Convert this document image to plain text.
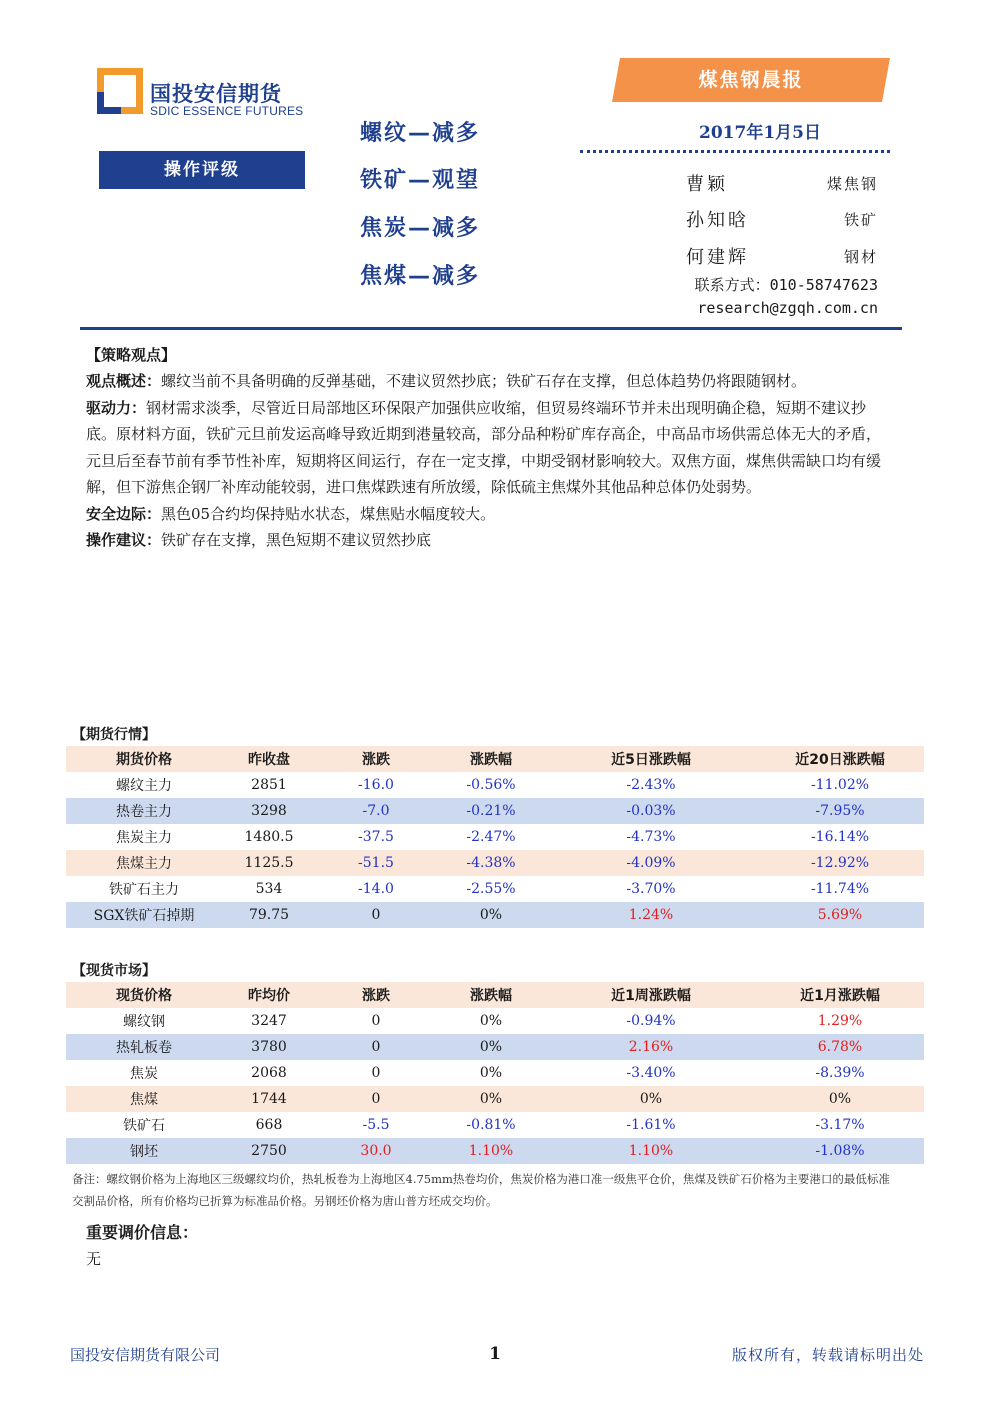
国投安信期货
SDIC ESSENCE FUTURES
煤焦钢晨报
2017年1月5日
操作评级
螺纹—减多
铁矿—观望
焦炭—减多
焦煤—减多
曹颖	煤焦钢
孙知晗	铁矿
何建辉	钢材
联系方式：010-58747623
research@zgqh.com.cn
【策略观点】

观点概述：螺纹当前不具备明确的反弹基础，不建议贸然抄底；铁矿石存在支撑，但总体趋势仍将跟随钢材。

驱动力：钢材需求淡季，尽管近日局部地区环保限产加强供应收缩，但贸易终端环节并未出现明确企稳，短期不建议抄底。原材料方面，铁矿元旦前发运高峰导致近期到港量较高，部分品种粉矿库存高企，中高品市场供需总体无大的矛盾，元旦后至春节前有季节性补库，短期将区间运行，存在一定支撑，中期受钢材影响较大。双焦方面，煤焦供需缺口均有缓解，但下游焦企钢厂补库动能较弱，进口焦煤跌速有所放缓，除低硫主焦煤外其他品种总体仍处弱势。

安全边际：黑色05合约均保持贴水状态，煤焦贴水幅度较大。

操作建议：铁矿存在支撑，黑色短期不建议贸然抄底

【期货行情】
期货价格	昨收盘	涨跌	涨跌幅	近5日涨跌幅	近20日涨跌幅
螺纹主力	2851	-16.0	-0.56%	-2.43%	-11.02%
热卷主力	3298	-7.0	-0.21%	-0.03%	-7.95%
焦炭主力	1480.5	-37.5	-2.47%	-4.73%	-16.14%
焦煤主力	1125.5	-51.5	-4.38%	-4.09%	-12.92%
铁矿石主力	534	-14.0	-2.55%	-3.70%	-11.74%
SGX铁矿石掉期	79.75	0	0%	1.24%	5.69%
【现货市场】
现货价格	昨均价	涨跌	涨跌幅	近1周涨跌幅	近1月涨跌幅
螺纹钢	3247	0	0%	-0.94%	1.29%
热轧板卷	3780	0	0%	2.16%	6.78%
焦炭	2068	0	0%	-3.40%	-8.39%
焦煤	1744	0	0%	0%	0%
铁矿石	668	-5.5	-0.81%	-1.61%	-3.17%
钢坯	2750	30.0	1.10%	1.10%	-1.08%
备注：螺纹钢价格为上海地区三级螺纹均价，热轧板卷为上海地区4.75mm热卷均价，焦炭价格为港口准一级焦平仓价，焦煤及铁矿石价格为主要港口的最低标准交割品价格，所有价格均已折算为标准品价格。另钢坯价格为唐山普方坯成交均价。
重要调价信息：
无
国投安信期货有限公司	1	版权所有，转载请标明出处
